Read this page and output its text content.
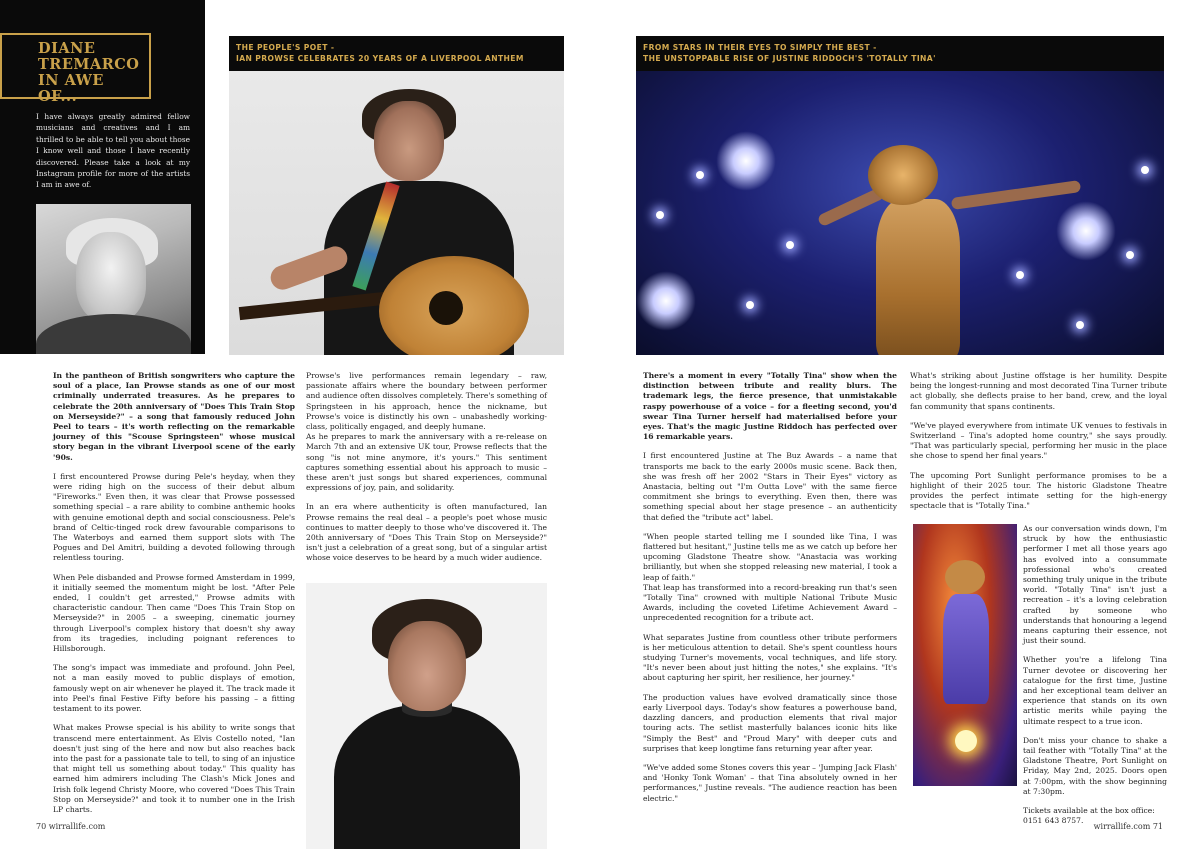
DIANE
TREMARCO
IN AWE OF...

I have always greatly admired fellow musicians and creatives and I am thrilled to be able to tell you about those I know well and those I have recently discovered. Please take a look at my Instagram profile for more of the artists I am in awe of.

THE PEOPLE'S POET -
IAN PROWSE CELEBRATES 20 YEARS OF A LIVERPOOL ANTHEM

In the pantheon of British songwriters who capture the soul of a place, Ian Prowse stands as one of our most criminally underrated treasures. As he prepares to celebrate the 20th anniversary of "Does This Train Stop on Merseyside?" – a song that famously reduced John Peel to tears – it's worth reflecting on the remarkable journey of this "Scouse Springsteen" whose musical story began in the vibrant Liverpool scene of the early '90s.

I first encountered Prowse during Pele's heyday, when they were riding high on the success of their debut album "Fireworks." Even then, it was clear that Prowse possessed something special – a rare ability to combine anthemic hooks with genuine emotional depth and social consciousness. Pele's brand of Celtic-tinged rock drew favourable comparisons to The Waterboys and earned them support slots with The Pogues and Del Amitri, building a devoted following through relentless touring.

When Pele disbanded and Prowse formed Amsterdam in 1999, it initially seemed the momentum might be lost. "After Pele ended, I couldn't get arrested," Prowse admits with characteristic candour. Then came "Does This Train Stop on Merseyside?" in 2005 – a sweeping, cinematic journey through Liverpool's complex history that doesn't shy away from its tragedies, including poignant references to Hillsborough.

The song's impact was immediate and profound. John Peel, not a man easily moved to public displays of emotion, famously wept on air whenever he played it. The track made it into Peel's final Festive Fifty before his passing – a fitting testament to its power.

What makes Prowse special is his ability to write songs that transcend mere entertainment. As Elvis Costello noted, "Ian doesn't just sing of the here and now but also reaches back into the past for a passionate tale to tell, to sing of an injustice that might tell us something about today." This quality has earned him admirers including The Clash's Mick Jones and Irish folk legend Christy Moore, who covered "Does This Train Stop on Merseyside?" and took it to number one in the Irish LP charts.

Prowse's live performances remain legendary – raw, passionate affairs where the boundary between performer and audience often dissolves completely. There's something of Springsteen in his approach, hence the nickname, but Prowse's voice is distinctly his own – unabashedly working-class, politically engaged, and deeply humane.

As he prepares to mark the anniversary with a re-release on March 7th and an extensive UK tour, Prowse reflects that the song "is not mine anymore, it's yours." This sentiment captures something essential about his approach to music – these aren't just songs but shared experiences, communal expressions of joy, pain, and solidarity.

In an era where authenticity is often manufactured, Ian Prowse remains the real deal – a people's poet whose music continues to matter deeply to those who've discovered it. The 20th anniversary of "Does This Train Stop on Merseyside?" isn't just a celebration of a great song, but of a singular artist whose voice deserves to be heard by a much wider audience.

70 wirrallife.com
FROM STARS IN THEIR EYES TO SIMPLY THE BEST -
THE UNSTOPPABLE RISE OF JUSTINE RIDDOCH'S 'TOTALLY TINA'

There's a moment in every "Totally Tina" show when the distinction between tribute and reality blurs. The trademark legs, the fierce presence, that unmistakable raspy powerhouse of a voice – for a fleeting second, you'd swear Tina Turner herself had materialised before your eyes. That's the magic Justine Riddoch has perfected over 16 remarkable years.

I first encountered Justine at The Buz Awards – a name that transports me back to the early 2000s music scene. Back then, she was fresh off her 2002 "Stars in Their Eyes" victory as Anastacia, belting out "I'm Outta Love" with the same fierce commitment she brings to everything. Even then, there was something special about her stage presence – an authenticity that defied the "tribute act" label.

"When people started telling me I sounded like Tina, I was flattered but hesitant," Justine tells me as we catch up before her upcoming Gladstone Theatre show. "Anastacia was working brilliantly, but when she stopped releasing new material, I took a leap of faith."

That leap has transformed into a record-breaking run that's seen "Totally Tina" crowned with multiple National Tribute Music Awards, including the coveted Lifetime Achievement Award – unprecedented recognition for a tribute act.

What separates Justine from countless other tribute performers is her meticulous attention to detail. She's spent countless hours studying Turner's movements, vocal techniques, and life story. "It's never been about just hitting the notes," she explains. "It's about capturing her spirit, her resilience, her journey."

The production values have evolved dramatically since those early Liverpool days. Today's show features a powerhouse band, dazzling dancers, and production elements that rival major touring acts. The setlist masterfully balances iconic hits like "Simply the Best" and "Proud Mary" with deeper cuts and surprises that keep longtime fans returning year after year.

"We've added some Stones covers this year – 'Jumping Jack Flash' and 'Honky Tonk Woman' – that Tina absolutely owned in her performances," Justine reveals. "The audience reaction has been electric."

What's striking about Justine offstage is her humility. Despite being the longest-running and most decorated Tina Turner tribute act globally, she deflects praise to her band, crew, and the loyal fan community that spans continents.

"We've played everywhere from intimate UK venues to festivals in Switzerland – Tina's adopted home country," she says proudly. "That was particularly special, performing her music in the place she chose to spend her final years."

The upcoming Port Sunlight performance promises to be a highlight of their 2025 tour. The historic Gladstone Theatre provides the perfect intimate setting for the high-energy spectacle that is "Totally Tina."

As our conversation winds down, I'm struck by how the enthusiastic performer I met all those years ago has evolved into a consummate professional who's created something truly unique in the tribute world. "Totally Tina" isn't just a recreation – it's a loving celebration crafted by someone who understands that honouring a legend means capturing their essence, not just their sound.

Whether you're a lifelong Tina Turner devotee or discovering her catalogue for the first time, Justine and her exceptional team deliver an experience that stands on its own artistic merits while paying the ultimate respect to a true icon.

Don't miss your chance to shake a tail feather with "Totally Tina" at the Gladstone Theatre, Port Sunlight on Friday, May 2nd, 2025. Doors open at 7:00pm, with the show beginning at 7:30pm.

Tickets available at the box office:

0151 643 8757.

wirrallife.com 71
